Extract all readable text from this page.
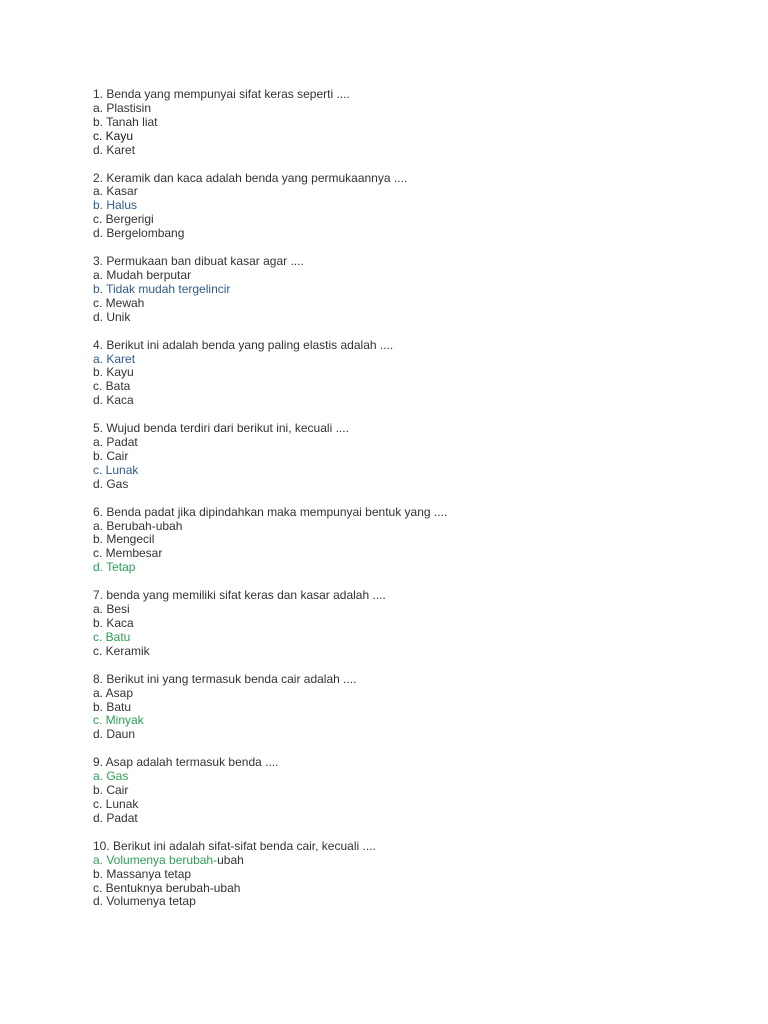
1. Benda yang mempunyai sifat keras seperti ....
a. Plastisin
b. Tanah liat
c. Kayu
d. Karet
2. Keramik dan kaca adalah benda yang permukaannya ....
a. Kasar
b. Halus
c. Bergerigi
d. Bergelombang
3. Permukaan ban dibuat kasar agar ....
a. Mudah berputar
b. Tidak mudah tergelincir
c. Mewah
d. Unik
4. Berikut ini adalah benda yang paling elastis adalah ....
a. Karet
b. Kayu
c. Bata
d. Kaca
5. Wujud benda terdiri dari berikut ini, kecuali ....
a. Padat
b. Cair
c. Lunak
d. Gas
6. Benda padat jika dipindahkan maka mempunyai bentuk yang ....
a. Berubah-ubah
b. Mengecil
c. Membesar
d. Tetap
7. benda yang memiliki sifat keras dan kasar adalah ....
a. Besi
b. Kaca
c. Batu
c. Keramik
8. Berikut ini yang termasuk benda cair adalah ....
a. Asap
b. Batu
c. Minyak
d. Daun
9. Asap adalah termasuk benda ....
a. Gas
b. Cair
c. Lunak
d. Padat
10. Berikut ini adalah sifat-sifat benda cair, kecuali ....
a. Volumenya berubah-ubah
b. Massanya tetap
c. Bentuknya berubah-ubah
d. Volumenya tetap
